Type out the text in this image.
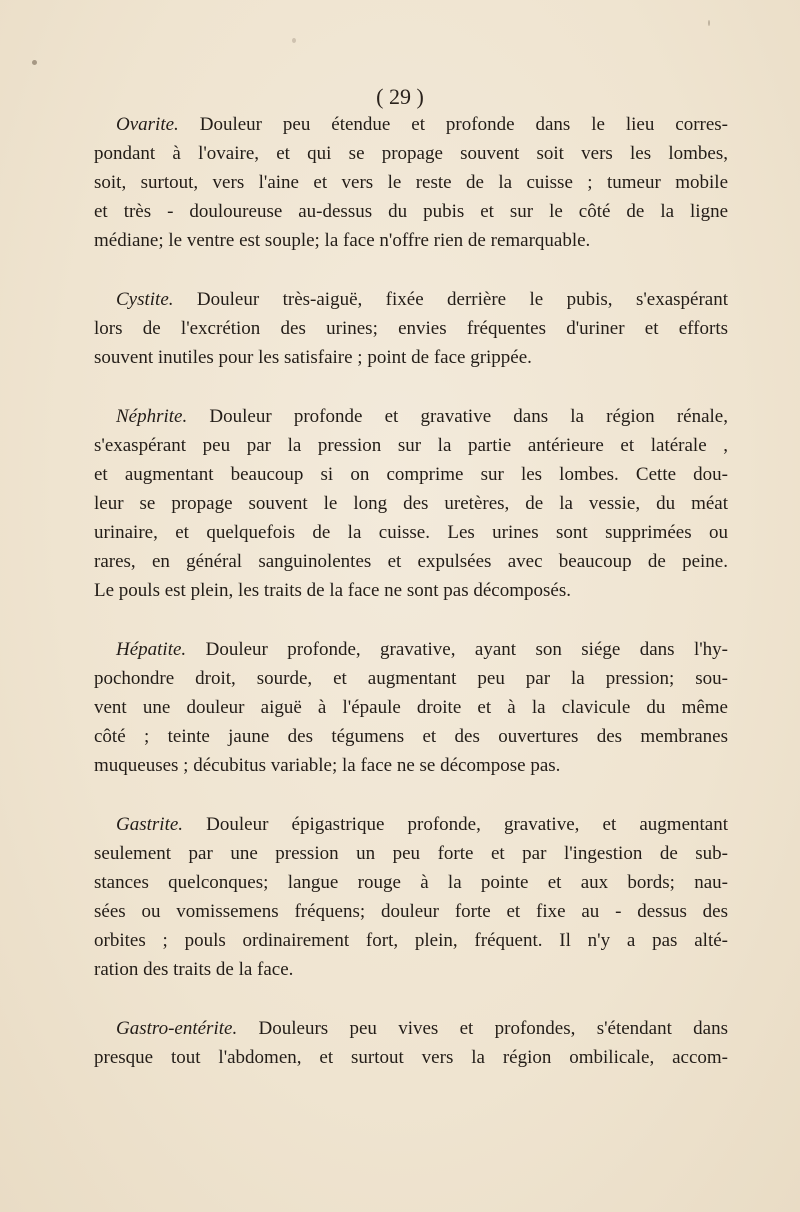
( 29 )

Ovarite. Douleur peu étendue et profonde dans le lieu corres-
pondant à l'ovaire, et qui se propage souvent soit vers les lombes,
soit, surtout, vers l'aine et vers le reste de la cuisse ; tumeur mobile
et très - douloureuse au-dessus du pubis et sur le côté de la ligne
médiane; le ventre est souple; la face n'offre rien de remarquable.

Cystite. Douleur très-aiguë, fixée derrière le pubis, s'exaspérant
lors de l'excrétion des urines; envies fréquentes d'uriner et efforts
souvent inutiles pour les satisfaire ; point de face grippée.

Néphrite. Douleur profonde et gravative dans la région rénale,
s'exaspérant peu par la pression sur la partie antérieure et latérale ,
et augmentant beaucoup si on comprime sur les lombes. Cette dou-
leur se propage souvent le long des uretères, de la vessie, du méat
urinaire, et quelquefois de la cuisse. Les urines sont supprimées ou
rares, en général sanguinolentes et expulsées avec beaucoup de peine.
Le pouls est plein, les traits de la face ne sont pas décomposés.

Hépatite. Douleur profonde, gravative, ayant son siége dans l'hy-
pochondre droit, sourde, et augmentant peu par la pression; sou-
vent une douleur aiguë à l'épaule droite et à la clavicule du même
côté ; teinte jaune des tégumens et des ouvertures des membranes
muqueuses ; décubitus variable; la face ne se décompose pas.

Gastrite. Douleur épigastrique profonde, gravative, et augmentant
seulement par une pression un peu forte et par l'ingestion de sub-
stances quelconques; langue rouge à la pointe et aux bords; nau-
sées ou vomissemens fréquens; douleur forte et fixe au - dessus des
orbites ; pouls ordinairement fort, plein, fréquent. Il n'y a pas alté-
ration des traits de la face.

Gastro-entérite. Douleurs peu vives et profondes, s'étendant dans
presque tout l'abdomen, et surtout vers la région ombilicale, accom-
